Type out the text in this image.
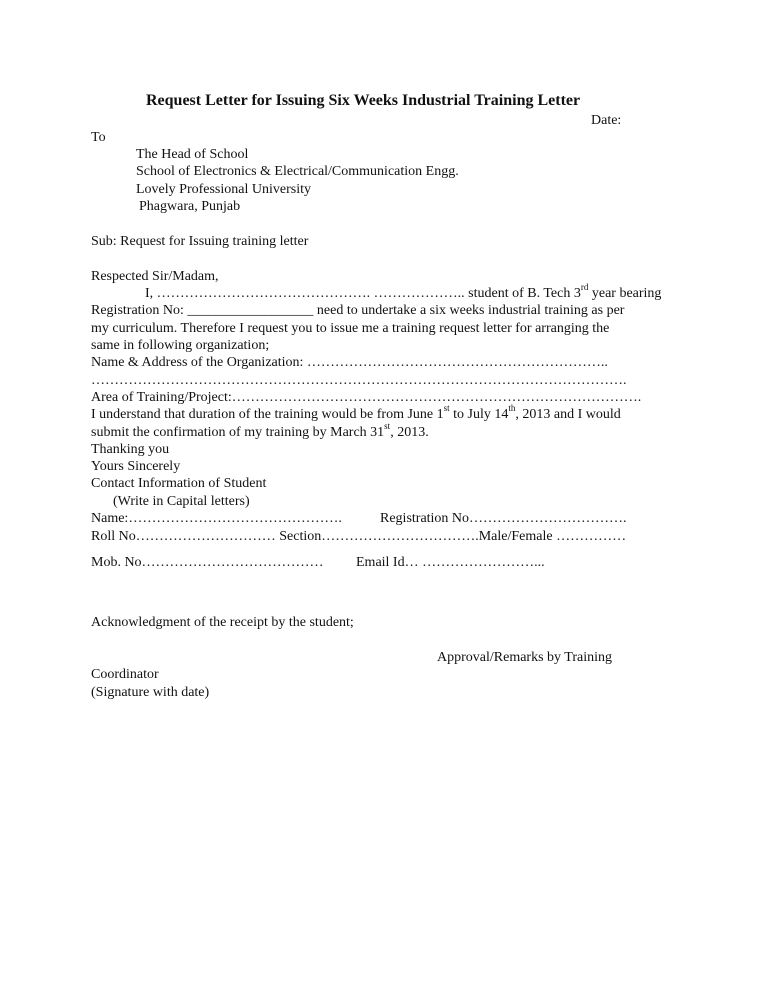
Request Letter for Issuing Six Weeks Industrial Training Letter
Date:
To
The Head of School
School of Electronics & Electrical/Communication Engg.
Lovely Professional University
Phagwara, Punjab
Sub: Request for Issuing training letter
Respected Sir/Madam,
I, ………………………………………. ……………….. student of B. Tech 3rd year bearing
Registration No: __________________ need to undertake a six weeks industrial training as per
my curriculum. Therefore I request you to issue me a training request letter for arranging the
same in following organization;
Name & Address of the Organization: ………………………………………………………..
…………………………………………………………………………………………………….
Area of Training/Project:…………………………………………………………………………….
I understand that duration of the training would be from June 1st to July 14th, 2013 and I would
submit the confirmation of my training by March 31st, 2013.
Thanking you
Yours Sincerely
Contact Information of Student
(Write in Capital letters)
Name:……………………………………….	Registration No…………………………….
Roll No………………………… Section…………………………….Male/Female ……………
Mob. No………………………………… Email Id… ……………………...
Acknowledgment of the receipt by the student;
Approval/Remarks by Training
Coordinator
(Signature with date)
